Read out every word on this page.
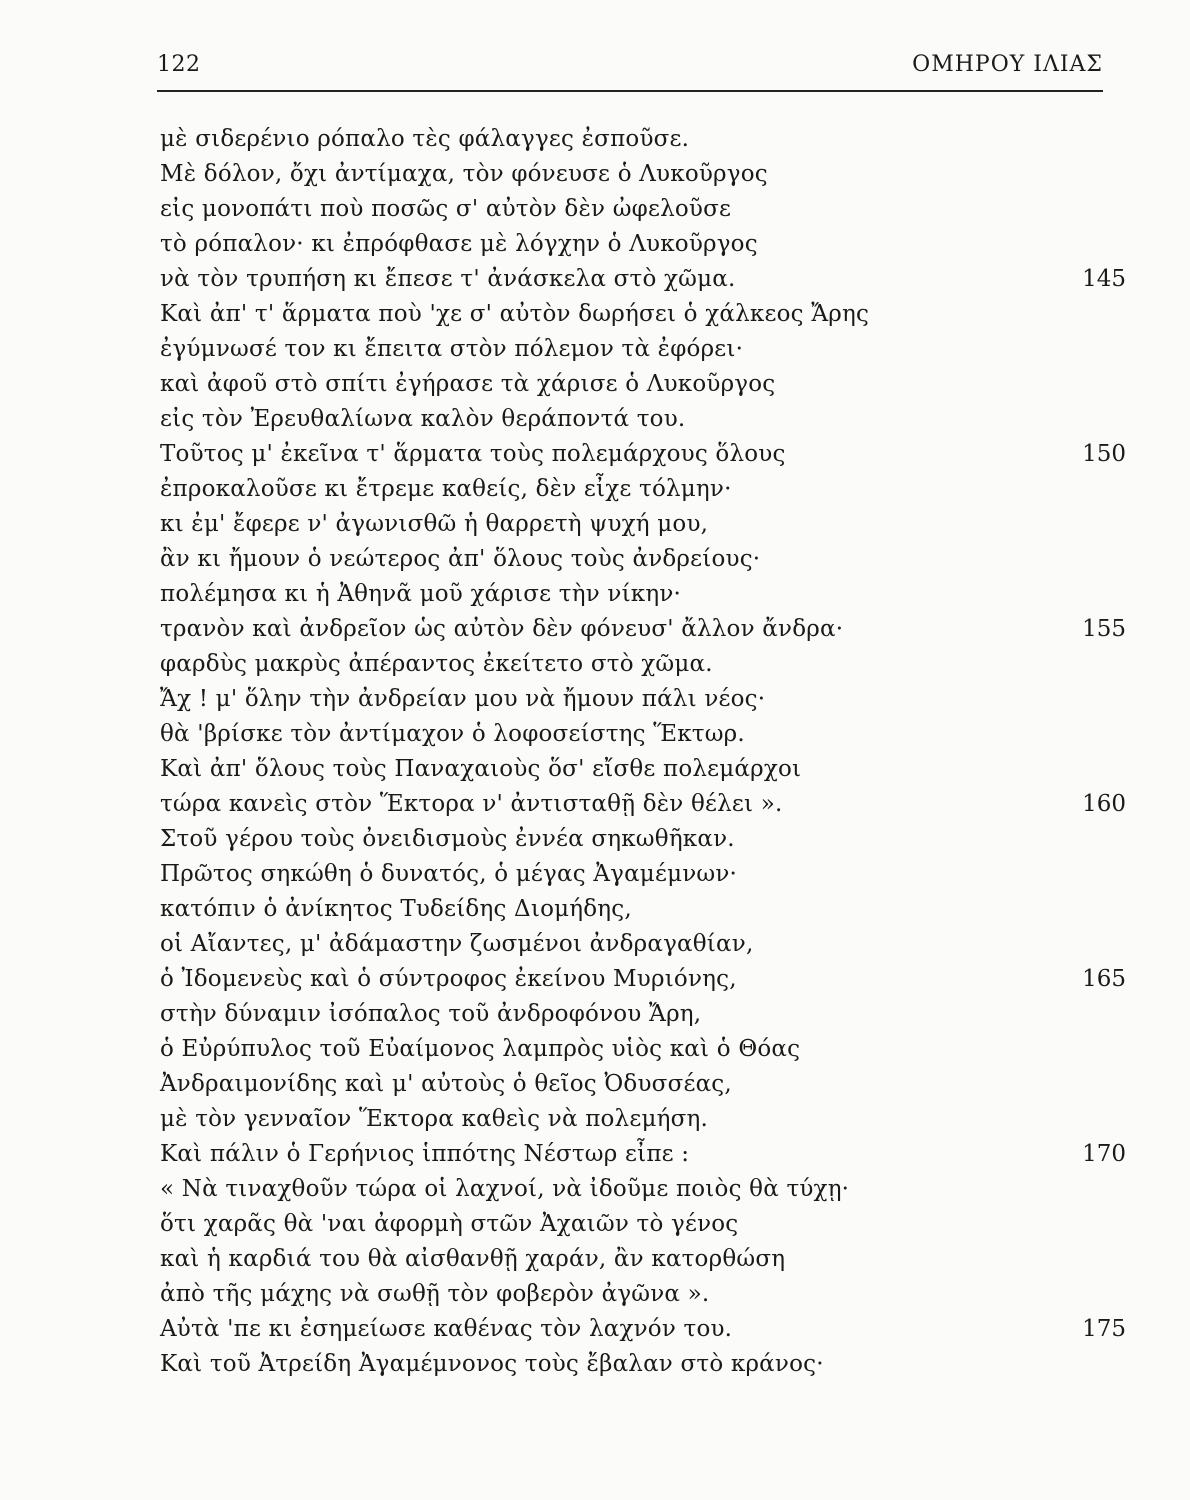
122	ΟΜΗΡΟΥ ΙΛΙΑΣ
μὲ σιδερένιο ρόπαλο τὲς φάλαγγες ἐσποῦσε.
Μὲ δόλον, ὄχι ἀντίμαχα, τὸν φόνευσε ὁ Λυκοῦργος
εἰς μονοπάτι ποὺ ποσῶς σ' αὐτὸν δὲν ὠφελοῦσε
τὸ ρόπαλον· κι ἐπρόφθασε μὲ λόγχην ὁ Λυκοῦργος
νὰ τὸν τρυπήση κι ἔπεσε τ' ἀνάσκελα στὸ χῶμα.	145
Καὶ ἀπ' τ' ἅρματα ποὺ 'χε σ' αὐτὸν δωρήσει ὁ χάλκεος Ἄρης
ἐγύμνωσέ τον κι ἔπειτα στὸν πόλεμον τὰ ἐφόρει·
καὶ ἀφοῦ στὸ σπίτι ἐγήρασε τὰ χάρισε ὁ Λυκοῦργος
εἰς τὸν Ἐρευθαλίωνα καλὸν θεράποντά του.
Τοῦτος μ' ἐκεῖνα τ' ἅρματα τοὺς πολεμάρχους ὅλους	150
ἐπροκαλοῦσε κι ἔτρεμε καθείς, δὲν εἶχε τόλμην·
κι ἐμ' ἔφερε ν' ἀγωνισθῶ ἡ θαρρετὴ ψυχή μου,
ἂν κι ἤμουν ὁ νεώτερος ἀπ' ὅλους τοὺς ἀνδρείους·
πολέμησα κι ἡ Ἀθηνᾶ μοῦ χάρισε τὴν νίκην·
τρανὸν καὶ ἀνδρεῖον ὡς αὐτὸν δὲν φόνευσ' ἄλλον ἄνδρα·	155
φαρδὺς μακρὺς ἀπέραντος ἐκείτετο στὸ χῶμα.
Ἄχ ! μ' ὅλην τὴν ἀνδρείαν μου νὰ ἤμουν πάλι νέος·
θὰ 'βρίσκε τὸν ἀντίμαχον ὁ λοφοσείστης Ἕκτωρ.
Καὶ ἀπ' ὅλους τοὺς Παναχαιοὺς ὅσ' εἴσθε πολεμάρχοι
τώρα κανεὶς στὸν Ἕκτορα ν' ἀντισταθῇ δὲν θέλει ».	160
Στοῦ γέρου τοὺς ὀνειδισμοὺς ἐννέα σηκωθῆκαν.
Πρῶτος σηκώθη ὁ δυνατός, ὁ μέγας Ἀγαμέμνων·
κατόπιν ὁ ἀνίκητος Τυδείδης Διομήδης,
οἱ Αἴαντες, μ' ἀδάμαστην ζωσμένοι ἀνδραγαθίαν,
ὁ Ἰδομενεὺς καὶ ὁ σύντροφος ἐκείνου Μυριόνης,	165
στὴν δύναμιν ἰσόπαλος τοῦ ἀνδροφόνου Ἄρη,
ὁ Εὐρύπυλος τοῦ Εὐαίμονος λαμπρὸς υἱὸς καὶ ὁ Θόας
Ἀνδραιμονίδης καὶ μ' αὐτοὺς ὁ θεῖος Ὀδυσσέας,
μὲ τὸν γενναῖον Ἕκτορα καθεὶς νὰ πολεμήση.
Καὶ πάλιν ὁ Γερήνιος ἱππότης Νέστωρ εἶπε :	170
« Νὰ τιναχθοῦν τώρα οἱ λαχνοί, νὰ ἰδοῦμε ποιὸς θὰ τύχῃ·
ὅτι χαρᾶς θὰ 'ναι ἀφορμὴ στῶν Ἀχαιῶν τὸ γένος
καὶ ἡ καρδιά του θὰ αἰσθανθῇ χαράν, ἂν κατορθώση
ἀπὸ τῆς μάχης νὰ σωθῇ τὸν φοβερὸν ἀγῶνα ».
Αὐτὰ 'πε κι ἐσημείωσε καθένας τὸν λαχνόν του.	175
Καὶ τοῦ Ἀτρείδη Ἀγαμέμνονος τοὺς ἔβαλαν στὸ κράνος·
